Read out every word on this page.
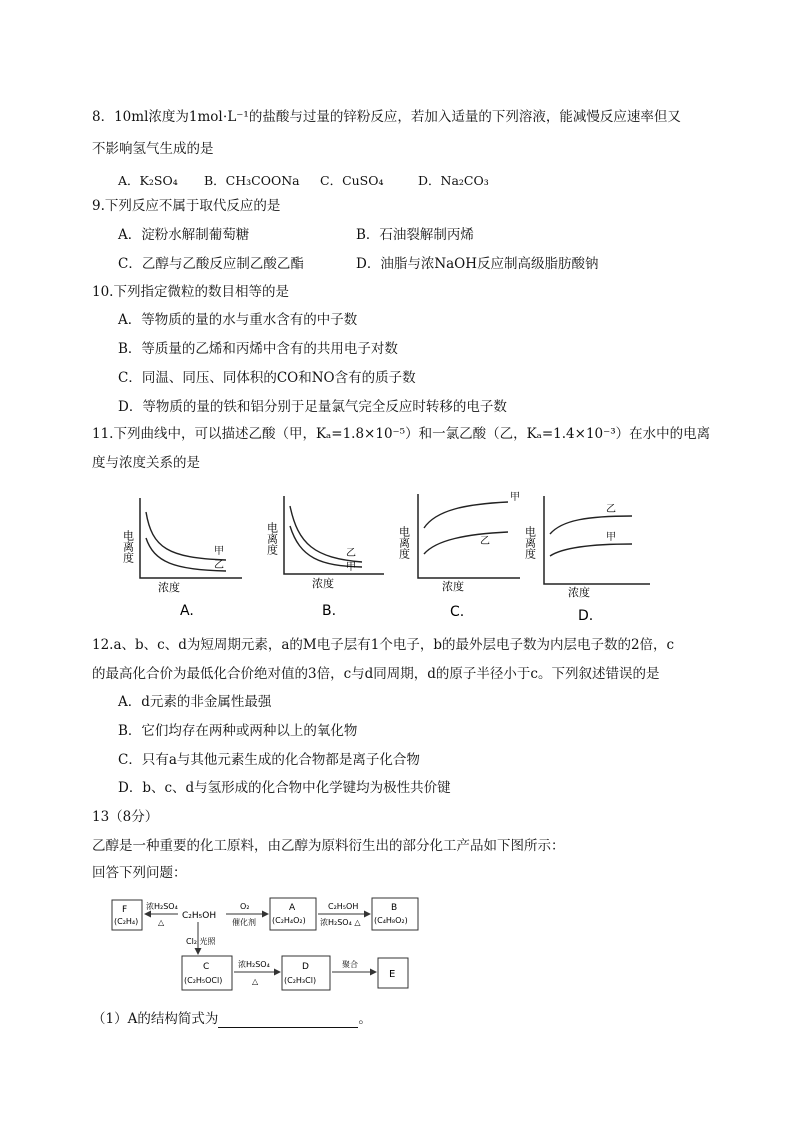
8．10ml浓度为1mol⋅L⁻¹的盐酸与过量的锌粉反应，若加入适量的下列溶液，能减慢反应速率但又
不影响氢气生成的是
A．K₂SO₄ B．CH₃COONa C．CuSO₄	D．Na₂CO₃
9.下列反应不属于取代反应的是
A．淀粉水解制葡萄糖	B．石油裂解制丙烯
C．乙醇与乙酸反应制乙酸乙酯	D．油脂与浓NaOH反应制高级脂肪酸钠
10.下列指定微粒的数目相等的是
A．等物质的量的水与重水含有的中子数
B．等质量的乙烯和丙烯中含有的共用电子对数
C．同温、同压、同体积的CO和NO含有的质子数
D．等物质的量的铁和铝分别于足量氯气完全反应时转移的电子数
11.下列曲线中，可以描述乙酸（甲，Kₐ=1.8×10⁻⁵）和一氯乙酸（乙，Kₐ=1.4×10⁻³）在水中的电离
度与浓度关系的是
电离度	甲
乙
浓度
A.
电离度	乙
甲
浓度
B.
电离度
甲
乙
浓度
C.
电离度
乙
甲
浓度
D.
12.a、b、c、d为短周期元素，a的M电子层有1个电子，b的最外层电子数为内层电子数的2倍，c
的最高化合价为最低化合价绝对值的3倍，c与d同周期，d的原子半径小于c。下列叙述错误的是
A．d元素的非金属性最强
B．它们均存在两种或两种以上的氧化物
C．只有a与其他元素生成的化合物都是离子化合物
D．b、c、d与氢形成的化合物中化学键均为极性共价键
13（8分）
乙醇是一种重要的化工原料，由乙醇为原料衍生出的部分化工产品如下图所示：
回答下列问题：
F
(C₂H₄)
浓H₂SO₄
△
C₂H₅OH
O₂
催化剂
A
(C₂H₄O₂)
C₂H₅OH
浓H₂SO₄ △
B
(C₄H₈O₂)
Cl₂ 光照
C
(C₂H₅OCl)
浓H₂SO₄
△
D
(C₂H₃Cl)
聚合
E
（1）A的结构简式为	。
